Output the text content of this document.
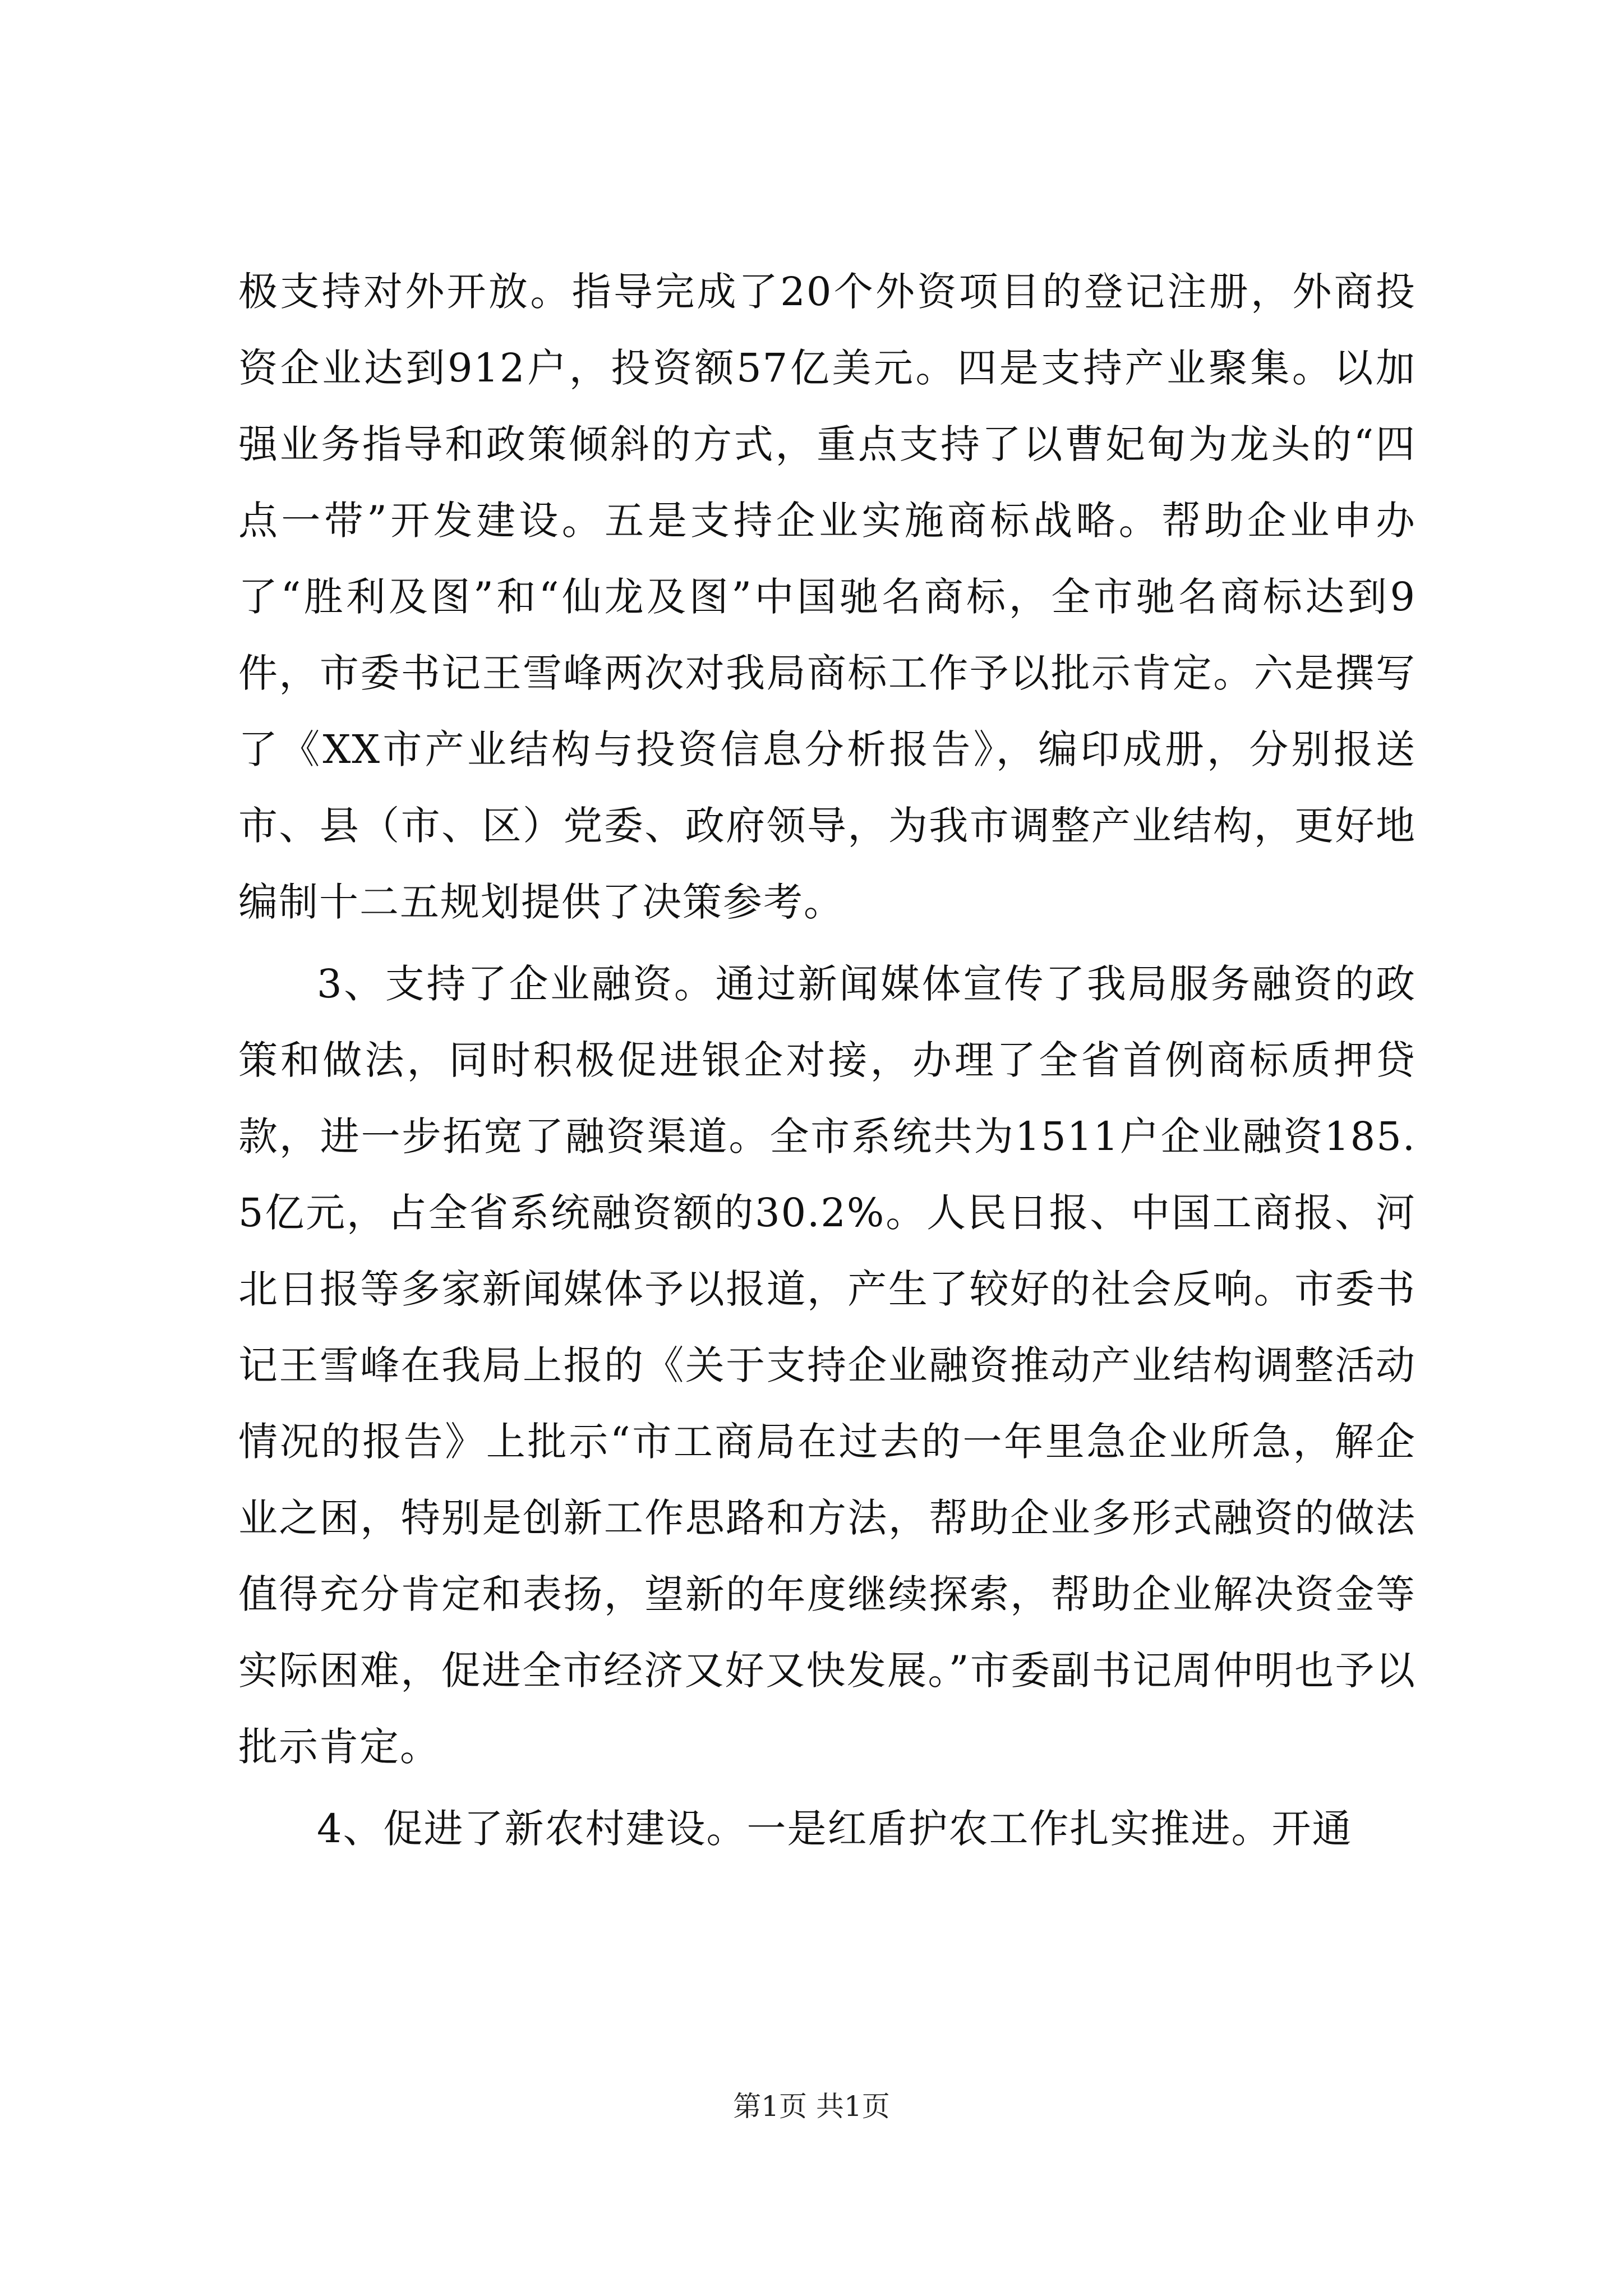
极支持对外开放。指导完成了20个外资项目的登记注册，外商投资企业达到912户，投资额57亿美元。四是支持产业聚集。以加强业务指导和政策倾斜的方式，重点支持了以曹妃甸为龙头的“四点一带”开发建设。五是支持企业实施商标战略。帮助企业申办了“胜利及图”和“仙龙及图”中国驰名商标，全市驰名商标达到9件，市委书记王雪峰两次对我局商标工作予以批示肯定。六是撰写了《XX市产业结构与投资信息分析报告》，编印成册，分别报送市、县（市、区）党委、政府领导，为我市调整产业结构，更好地编制十二五规划提供了决策参考。

3、支持了企业融资。通过新闻媒体宣传了我局服务融资的政策和做法，同时积极促进银企对接，办理了全省首例商标质押贷款，进一步拓宽了融资渠道。全市系统共为1511户企业融资185.5亿元，占全省系统融资额的30.2%。人民日报、中国工商报、河北日报等多家新闻媒体予以报道，产生了较好的社会反响。市委书记王雪峰在我局上报的《关于支持企业融资推动产业结构调整活动情况的报告》上批示“市工商局在过去的一年里急企业所急，解企业之困，特别是创新工作思路和方法，帮助企业多形式融资的做法值得充分肯定和表扬，望新的年度继续探索，帮助企业解决资金等实际困难，促进全市经济又好又快发展。”市委副书记周仲明也予以批示肯定。

4、促进了新农村建设。一是红盾护农工作扎实推进。开通

第1页 共1页
